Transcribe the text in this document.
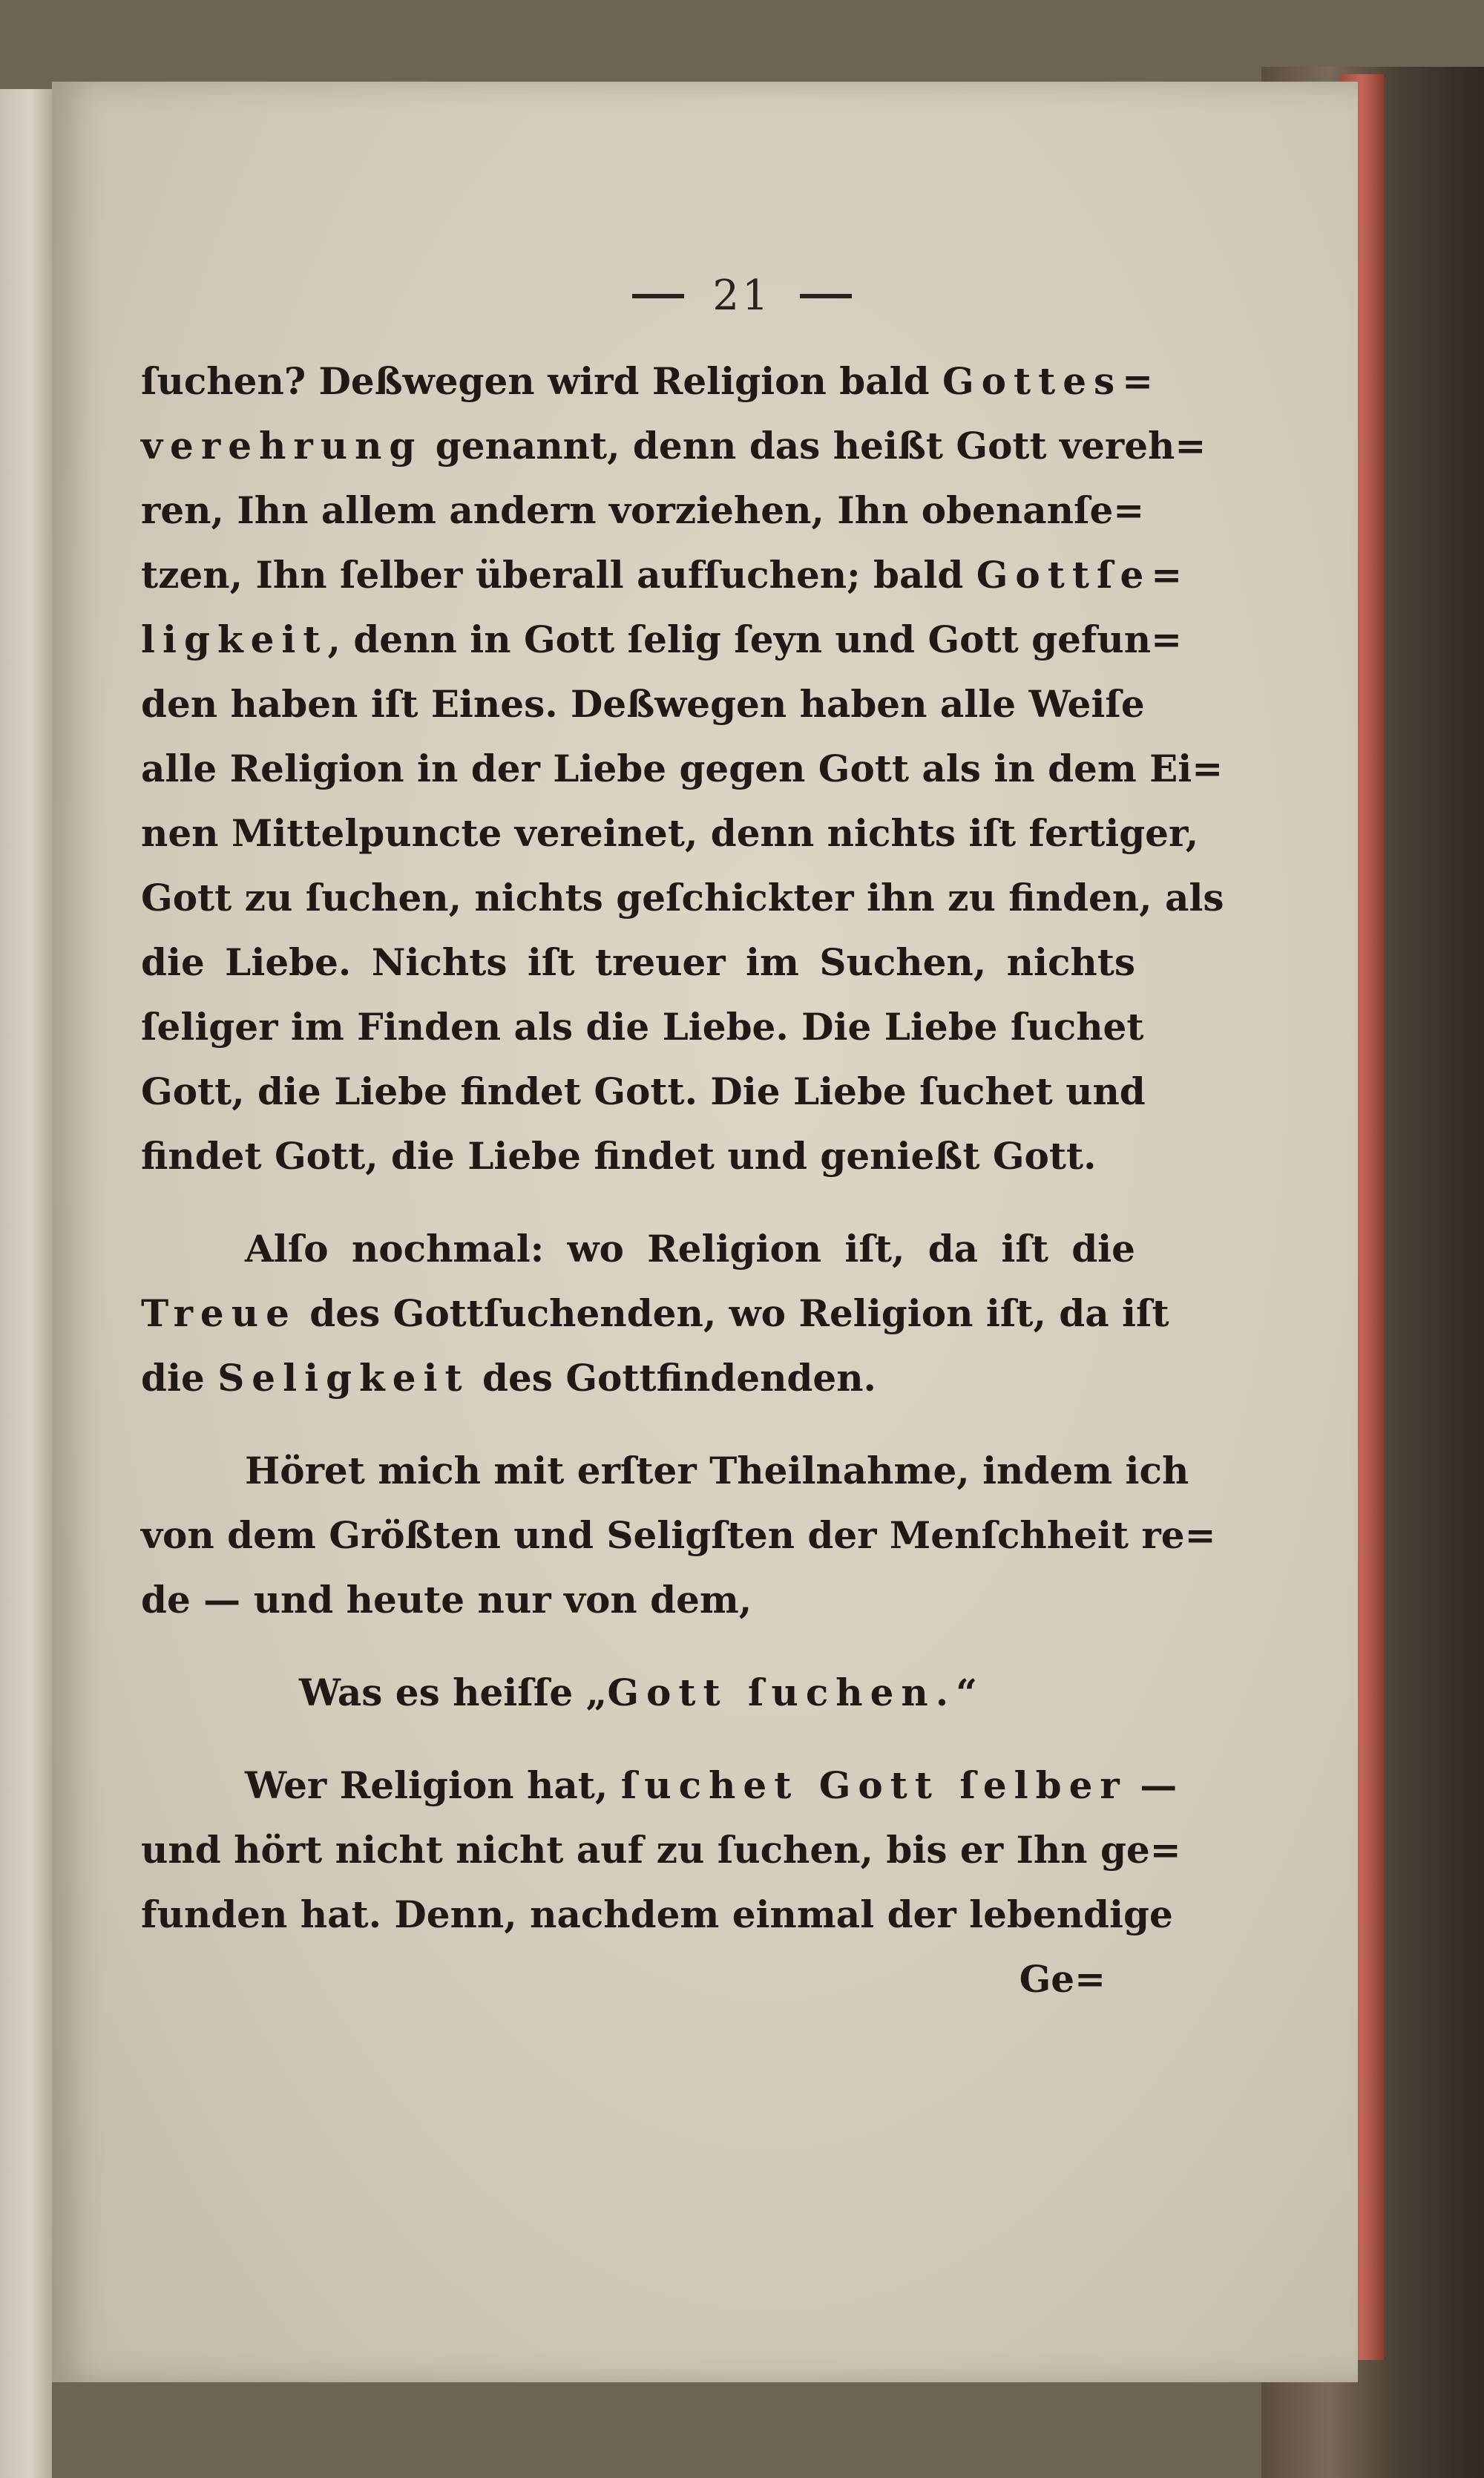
21
ſuchen? Deßwegen wird Religion bald Gottes=
verehrung genannt, denn das heißt Gott vereh=
ren, Ihn allem andern vorziehen, Ihn obenanſe=
tzen, Ihn ſelber überall aufſuchen; bald Gottſe=
ligkeit, denn in Gott ſelig ſeyn und Gott gefun=
den haben iſt Eines. Deßwegen haben alle Weiſe
alle Religion in der Liebe gegen Gott als in dem Ei=
nen Mittelpuncte vereinet, denn nichts iſt fertiger,
Gott zu ſuchen, nichts geſchickter ihn zu finden, als
die Liebe. Nichts iſt treuer im Suchen, nichts
ſeliger im Finden als die Liebe. Die Liebe ſuchet
Gott, die Liebe findet Gott. Die Liebe ſuchet und
findet Gott, die Liebe findet und genießt Gott.
Alſo nochmal: wo Religion iſt, da iſt die
Treue des Gottſuchenden, wo Religion iſt, da iſt
die Seligkeit des Gottfindenden.
Höret mich mit erſter Theilnahme, indem ich
von dem Größten und Seligſten der Menſchheit re=
de — und heute nur von dem,
Was es heiſſe „Gott ſuchen.“
Wer Religion hat, ſuchet Gott ſelber —
und hört nicht nicht auf zu ſuchen, bis er Ihn ge=
funden hat. Denn, nachdem einmal der lebendige
Ge=
